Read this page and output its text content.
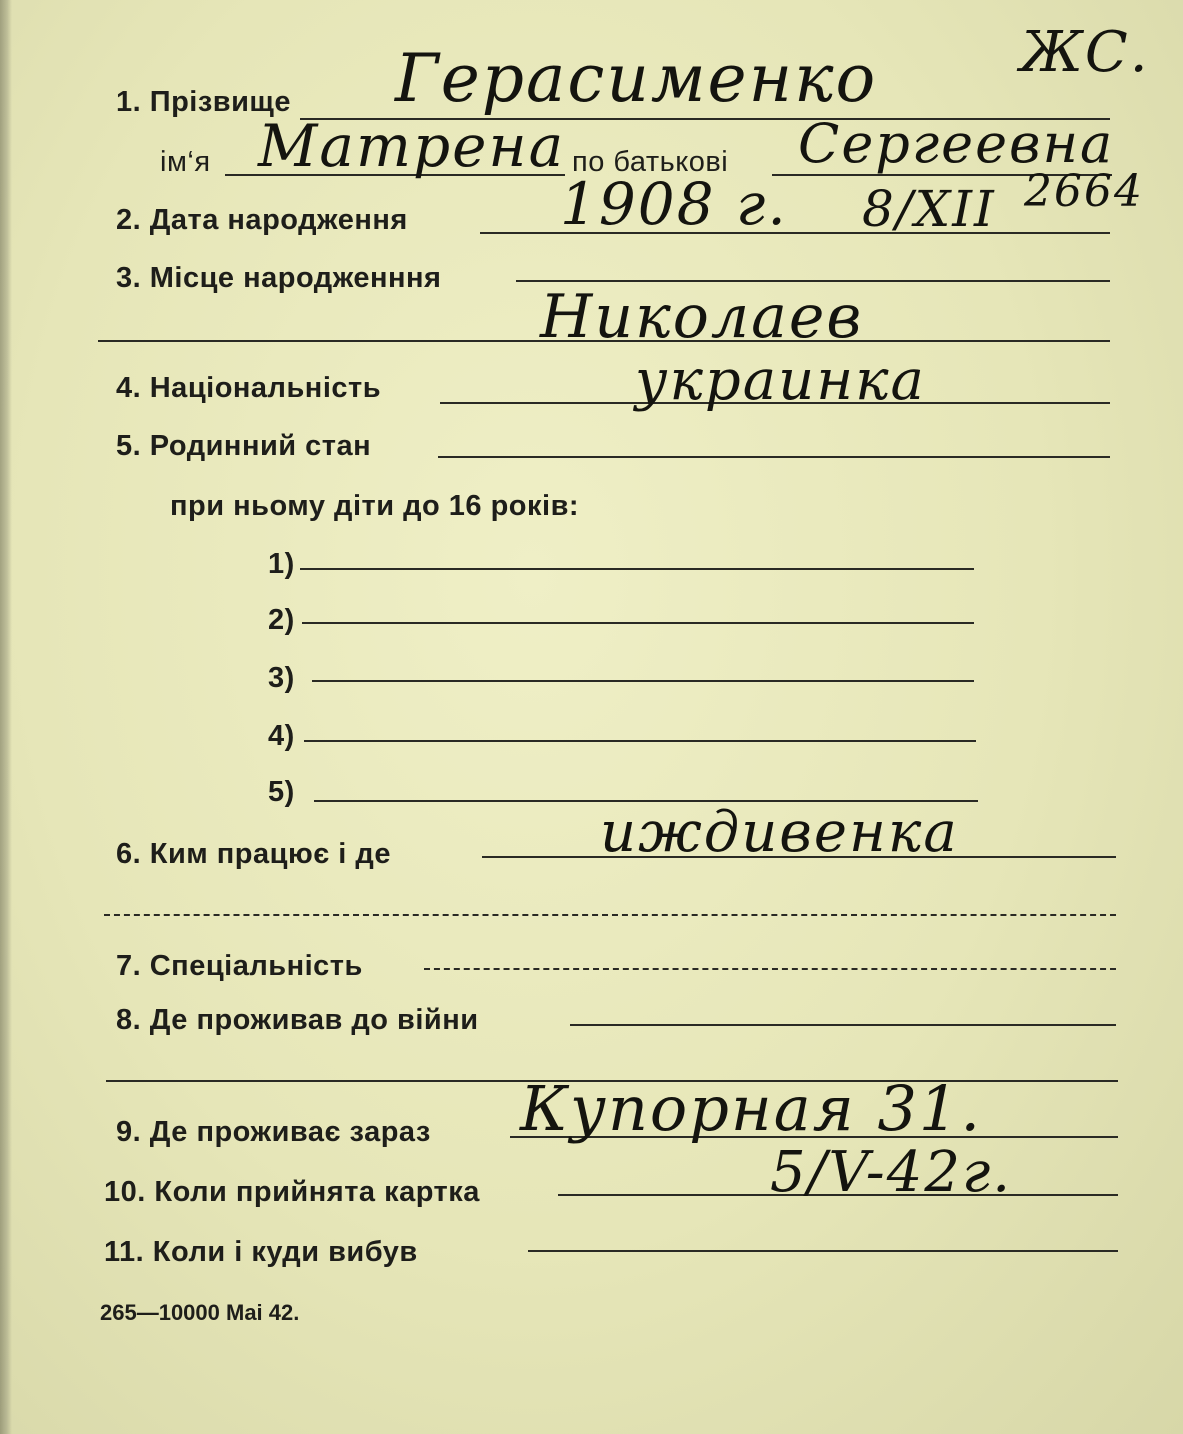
1. Прізвище Герасименко	ЖС.
ім‘я Матрена по батькові Сергеевна
2. Дата народження	1908 г. 8/XII 2664
3. Місце народженння
Николаев
4. Національність	украинка
5. Родинний стан
при ньому діти до 16 років:
1)
2)
3)
4)
5)
6. Ким працює і де	иждивенка
7. Спеціальність
8. Де проживав до війни
9. Де проживає зараз Купорная 31.
10. Коли прийнята картка	5/V-42г.
11. Коли і куди вибув
265—10000 Mai 42.
